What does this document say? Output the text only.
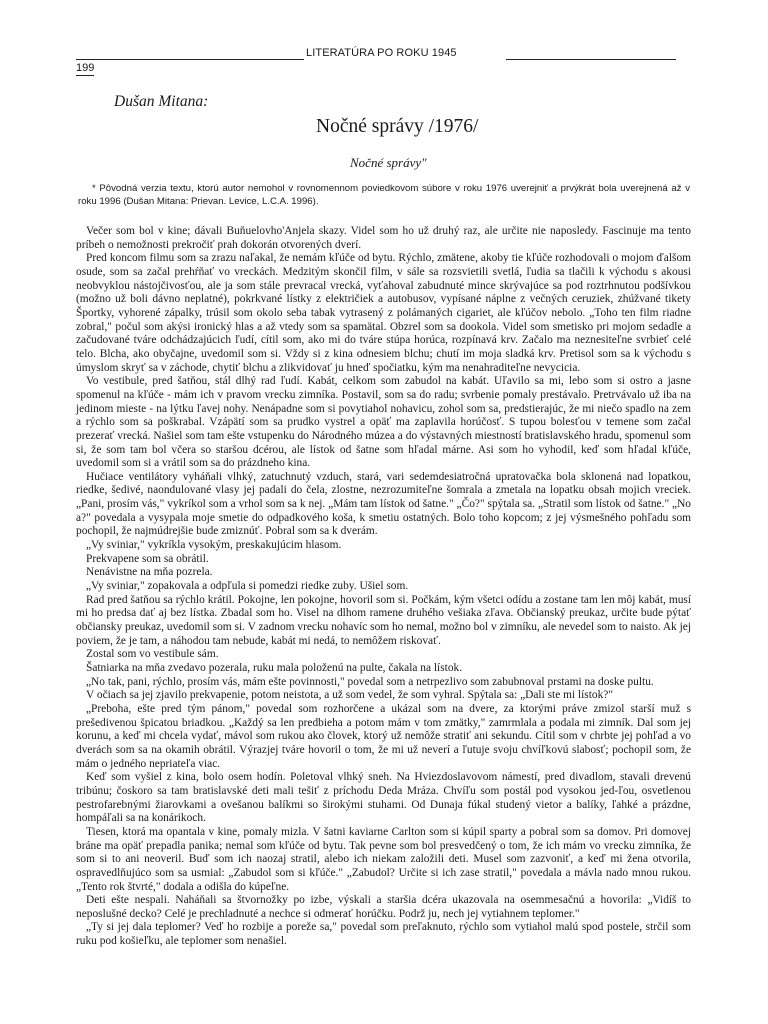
LITERATÚRA PO ROKU 1945
199
Dušan Mitana:
Nočné správy /1976/
Nočné správy"
* Pôvodná verzia textu, ktorú autor nemohol v rovnomennom poviedkovom súbore v roku 1976 uverejniť a prvýkrát bola uverejnená až v roku 1996 (Dušan Mitana: Prievan. Levice, L.C.A. 1996).

Večer som bol v kine; dávali Buňuelovho'Anjela skazy. Videl som ho už druhý raz, ale určite nie naposledy. Fascinuje ma tento príbeh o nemožnosti prekročiť prah dokorán otvorených dverí.

Pred koncom filmu som sa zrazu naľakal, že nemám kľúče od bytu. Rýchlo, zmätene, akoby tie kľúče rozhodovali o mojom ďalšom osude, som sa začal prehŕňať vo vreckách. Medzitým skončil film, v sále sa rozsvietili svetlá, ľudia sa tlačili k východu s akousi neobvyklou nástojčivosťou, ale ja som stále prevracal vrecká, vyťahoval zabudnuté mince skrývajúce sa pod roztrhnutou podšívkou (možno už boli dávno neplatné), pokrkvané lístky z električiek a autobusov, vypísané náplne z večných ceruziek, zhúžvané tikety Športky, vyhorené zápalky, trúsil som okolo seba tabak vytrasený z polámaných cigariet, ale kľúčov nebolo. „Toho ten film riadne zobral," počul som akýsi ironický hlas a až vtedy som sa spamätal. Obzrel som sa dookola. Videl som smetisko pri mojom sedadle a začudované tváre odchádzajúcich ľudí, cítil som, ako mi do tváre stúpa horúca, rozpínavá krv. Začalo ma neznesiteľne svrbieť celé telo. Blcha, ako obyčajne, uvedomil som si. Vždy si z kina odnesiem blchu; chutí im moja sladká krv. Pretisol som sa k východu s úmyslom skryť sa v záchode, chytiť blchu a zlikvidovať ju hneď spočiatku, kým ma nenahraditeľne nevycicia.

Vo vestibule, pred šatňou, stál dlhý rad ľudí. Kabát, celkom som zabudol na kabát. Uľavilo sa mi, lebo som si ostro a jasne spomenul na kľúče - mám ich v pravom vrecku zimníka. Postavil, som sa do radu; svrbenie pomaly prestávalo. Pretrvávalo už iba na jedinom mieste - na lýtku ľavej nohy. Nenápadne som si povytiahol nohavicu, zohol som sa, predstierajúc, že mi niečo spadlo na zem a rýchlo som sa poškrabal. Vzápätí som sa prudko vystrel a opäť ma zaplavila horúčosť. S tupou bolesťou v temene som začal prezerať vrecká. Našiel som tam ešte vstupenku do Národného múzea a do výstavných miestností bratislavského hradu, spomenul som si, že som tam bol včera so staršou dcérou, ale lístok od šatne som hľadal márne. Asi som ho vyhodil, keď som hľadal kľúče, uvedomil som si a vrátil som sa do prázdneho kina.

Hučiace ventilátory vyháňali vlhký, zatuchnutý vzduch, stará, vari sedemdesiatročná upratovačka bola sklonená nad lopatkou, riedke, šedivé, naondulované vlasy jej padali do čela, zlostne, nezrozumiteľne šomrala a zmetala na lopatku obsah mojich vreciek. „Pani, prosím vás," vykríkol som a vrhol som sa k nej. „Mám tam lístok od šatne." „Čo?" spýtala sa. „Stratil som lístok od šatne." „No a?" povedala a vysypala moje smetie do odpadkového koša, k smetiu ostatných. Bolo toho kopcom; z jej výsmešného pohľadu som pochopil, že najmúdrejšie bude zmiznúť. Pobral som sa k dverám.

„Vy sviniar," vykríkla vysokým, preskakujúcim hlasom.

Prekvapene som sa obrátil.

Nenávistne na mňa pozrela.

„Vy sviniar," zopakovala a odpľula si pomedzi riedke zuby. Ušiel som.

Rad pred šatňou sa rýchlo krátil. Pokojne, len pokojne, hovoril som si. Počkám, kým všetci odídu a zostane tam len môj kabát, musí mi ho predsa dať aj bez lístka. Zbadal som ho. Visel na dlhom ramene druhého vešiaka zľava. Občianský preukaz, určite bude pýtať občiansky preukaz, uvedomil som si. V zadnom vrecku nohavíc som ho nemal, možno bol v zimníku, ale nevedel som to naisto. Ak jej poviem, že je tam, a náhodou tam nebude, kabát mi nedá, to nemôžem riskovať.

Zostal som vo vestibule sám.

Šatniarka na mňa zvedavo pozerala, ruku mala položenú na pulte, čakala na lístok.

„No tak, pani, rýchlo, prosím vás, mám ešte povinnosti," povedal som a netrpezlivo som zabubnoval prstami na doske pultu.

V očiach sa jej zjavilo prekvapenie, potom neistota, a už som vedel, že som vyhral. Spýtala sa: „Dali ste mi lístok?"

„Preboha, ešte pred tým pánom," povedal som rozhorčene a ukázal som na dvere, za ktorými práve zmizol starší muž s prešedivenou špicatou briadkou. „Každý sa len predbieha a potom mám v tom zmätky," zamrmlala a podala mi zimník. Dal som jej korunu, a keď mi chcela vydať, mávol som rukou ako človek, ktorý už nemôže stratiť ani sekundu. Cítil som v chrbte jej pohľad a vo dverách som sa na okamih obrátil. Výrazjej tváre hovoril o tom, že mi už neverí a ľutuje svoju chvíľkovú slabosť; pochopil som, že mám o jedného nepriateľa viac.

Keď som vyšiel z kina, bolo osem hodín. Poletoval vlhký sneh. Na Hviezdoslavovom námestí, pred divadlom, stavali drevenú tribúnu; čoskoro sa tam bratislavské deti mali tešiť z príchodu Deda Mráza. Chvíľu som postál pod vysokou jed-ľou, osvetlenou pestrofarebnými žiarovkami a ovešanou balíkmi so širokými stuhami. Od Dunaja fúkal studený vietor a balíky, ľahké a prázdne, hompáľali sa na konárikoch.

Tiesen, ktorá ma opantala v kine, pomaly mizla. V šatni kaviarne Carlton som si kúpil sparty a pobral som sa domov. Pri domovej bráne ma opäť prepadla panika; nemal som kľúče od bytu. Tak pevne som bol presvedčený o tom, že ich mám vo vrecku zimníka, že som si to ani neoveril. Buď som ich naozaj stratil, alebo ich niekam založili deti. Musel som zazvoniť, a keď mi žena otvorila, ospravedlňujúco som sa usmial: „Zabudol som si kľúče." „Zabudol? Určite si ich zase stratil," povedala a mávla nado mnou rukou. „Tento rok štvrté," dodala a odišla do kúpeľne.

Deti ešte nespali. Naháňali sa štvornožky po izbe, výskali a staršia dcéra ukazovala na osemmesačnú a hovorila: „Vidíš to neposlušné decko? Celé je prechladnuté a nechce si odmerať horúčku. Podrž ju, nech jej vytiahnem teplomer."

„Ty si jej dala teplomer? Veď ho rozbije a poreže sa," povedal som preľaknuto, rýchlo som vytiahol malú spod postele, strčil som ruku pod košieľku, ale teplomer som nenašiel.
